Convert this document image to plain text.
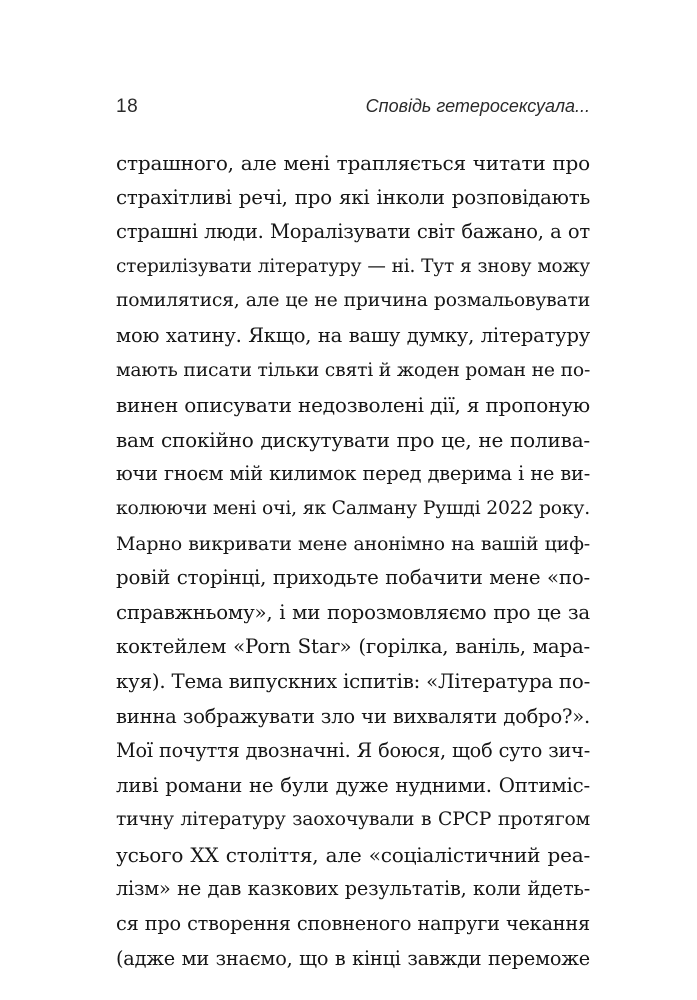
18	Сповідь гетеросексуала...
страшного, але мені трапляється читати про
страхітливі речі, про які інколи розповідають
страшні люди. Моралізувати світ бажано, а от
стерилізувати літературу — ні. Тут я знову можу
помилятися, але це не причина розмальовувати
мою хатину. Якщо, на вашу думку, літературу
мають писати тільки святі й жоден роман не по-
винен описувати недозволені дії, я пропоную
вам спокійно дискутувати про це, не полива-
ючи гноєм мій килимок перед дверима і не ви-
колюючи мені очі, як Салману Рушді 2022 року.
Марно викривати мене анонімно на вашій циф-
ровій сторінці, приходьте побачити мене «по-
справжньому», і ми порозмовляємо про це за
коктейлем «Porn Star» (горілка, ваніль, мара-
куя). Тема випускних іспитів: «Література по-
винна зображувати зло чи вихваляти добро?».
Мої почуття двозначні. Я боюся, щоб суто зич-
ливі романи не були дуже нудними. Оптиміс-
тичну літературу заохочували в СРСР протягом
усього XX століття, але «соціалістичний реа-
лізм» не дав казкових результатів, коли йдеть-
ся про створення сповненого напруги чекання
(адже ми знаємо, що в кінці завжди переможе
